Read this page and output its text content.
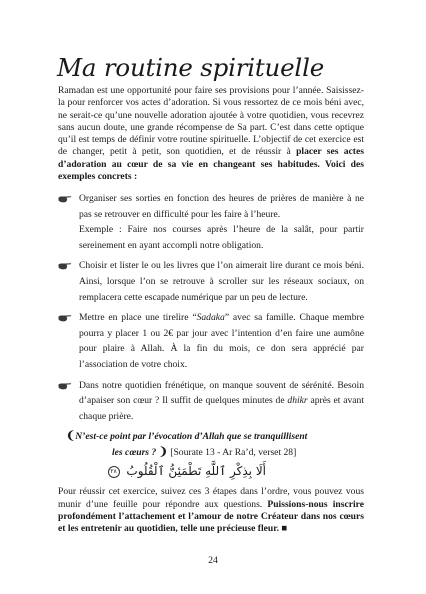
Ma routine spirituelle

Ramadan est une opportunité pour faire ses provisions pour l’année. Saisissez-la pour renforcer vos actes d’adoration. Si vous ressortez de ce mois béni avec, ne serait-ce qu’une nouvelle adoration ajoutée à votre quotidien, vous recevrez sans aucun doute, une grande récompense de Sa part. C’est dans cette optique qu’il est temps de définir votre routine spirituelle. L’objectif de cet exercice est de changer, petit à petit, son quotidien, et de réussir à placer ses actes d’adoration au cœur de sa vie en changeant ses habitudes. Voici des exemples concrets :

Organiser ses sorties en fonction des heures de prières de manière à ne pas se retrouver en difficulté pour les faire à l’heure.

Exemple : Faire nos courses après l’heure de la salât, pour partir sereinement en ayant accompli notre obligation.

Choisir et lister le ou les livres que l’on aimerait lire durant ce mois béni. Ainsi, lorsque l’on se retrouve à scroller sur les réseaux sociaux, on remplacera cette escapade numérique par un peu de lecture.

Mettre en place une tirelire “Sadaka” avec sa famille. Chaque membre pourra y placer 1 ou 2€ par jour avec l’intention d’en faire une aumône pour plaire à Allah. À la fin du mois, ce don sera apprécié par l’association de votre choix.

Dans notre quotidien frénétique, on manque souvent de sérénité. Besoin d’apaiser son cœur ? Il suffit de quelques minutes de dhikr après et avant chaque prière.

❨N’est-ce point par l’évocation d’Allah que se tranquillisent
les cœurs ? ❩ [Sourate 13 - Ar Ra’d, verset 28]

أَلَا بِذِكْرِ ٱللَّهِ تَطْمَئِنُّ ٱلْقُلُوبُ ٢٨

Pour réussir cet exercice, suivez ces 3 étapes dans l’ordre, vous pouvez vous munir d’une feuille pour répondre aux questions. Puissions-nous inscrire profondément l’attachement et l’amour de notre Créateur dans nos cœurs et les entretenir au quotidien, telle une précieuse fleur. ■

24
